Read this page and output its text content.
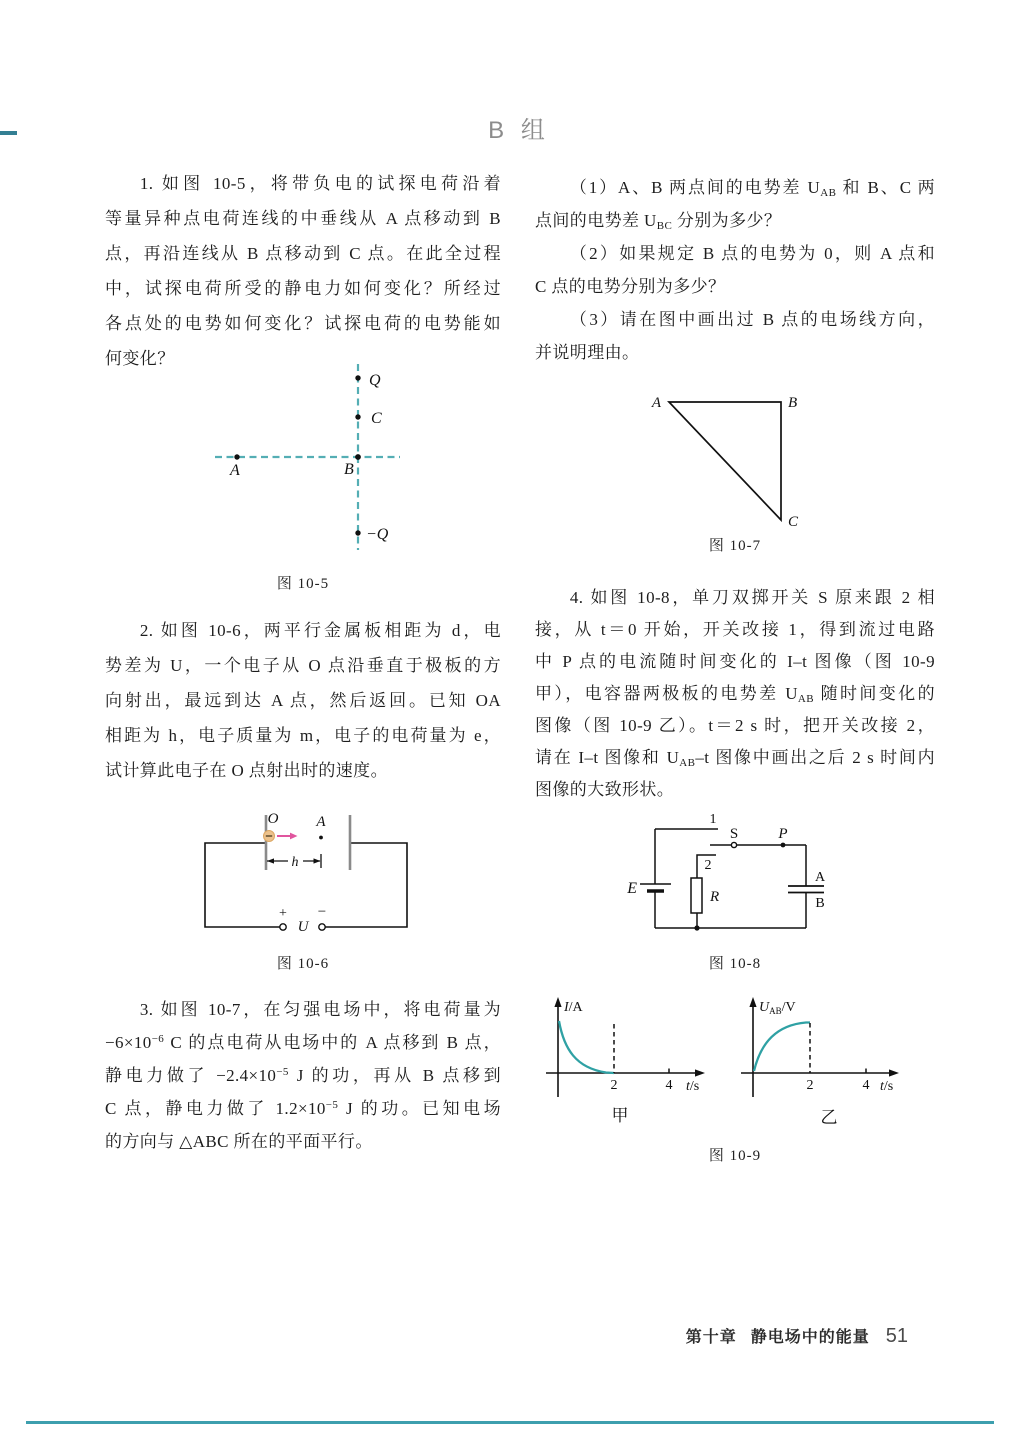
B 组
1. 如图 10-5，将带负电的试探电荷沿着
等量异种点电荷连线的中垂线从 A 点移动到 B
点，再沿连线从 B 点移动到 C 点。在此全过程
中，试探电荷所受的静电力如何变化？所经过
各点处的电势如何变化？试探电荷的电势能如
何变化？
Q
C
B
A
−Q
图 10-5
2. 如图 10-6，两平行金属板相距为 d，电
势差为 U，一个电子从 O 点沿垂直于极板的方
向射出，最远到达 A 点，然后返回。已知 OA
相距为 h，电子质量为 m，电子的电荷量为 e，
试计算此电子在 O 点射出时的速度。
+ −
U
O	A
h
图 10-6
3. 如图 10-7，在匀强电场中，将电荷量为
$-6\times 10^{-6}$ C 的点电荷从电场中的 A 点移到 B 点，
静电力做了 $-2.4\times 10^{-5}$ J 的功，再从 B 点移到
C 点，静电力做了 $1.2\times 10^{-5}$ J 的功。已知电场
的方向与 △ABC 所在的平面平行。
（1）A、B 两点间的电势差 $U_{AB}$ 和 B、C 两
点间的电势差 $U_{BC}$ 分别为多少？
（2）如果规定 B 点的电势为 0，则 A 点和
C 点的电势分别为多少？
（3）请在图中画出过 B 点的电场线方向，
并说明理由。
A	B
C
图 10-7
4. 如图 10-8，单刀双掷开关 S 原来跟 2 相
接，从 t＝0 开始，开关改接 1，得到流过电路
中 P 点的电流随时间变化的 I–t 图像（图 10-9
甲），电容器两极板的电势差 $U_{AB}$ 随时间变化的
图像（图 10-9 乙）。t＝2 s 时，把开关改接 2，
请在 I–t 图像和 $U_{AB}-t$ 图像中画出之后 2 s 时间内
图像的大致形状。
E
1
S	P
2
R
A
B
图 10-8
I/A
2	4 t/s
甲
$U_{AB}/V$
2	4 t/s
乙
图 10-9
第十章 静电场中的能量 51
